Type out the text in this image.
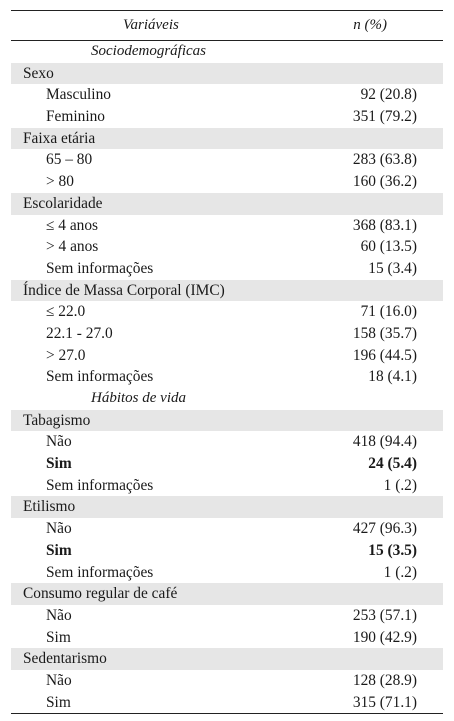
Variáveis	n (%)
Sociodemográficas
Sexo
Masculino	92 (20.8)
Feminino	351 (79.2)
Faixa etária
65 – 80	283 (63.8)
> 80	160 (36.2)
Escolaridade
≤ 4 anos	368 (83.1)
> 4 anos	60 (13.5)
Sem informações	15 (3.4)
Índice de Massa Corporal (IMC)
≤ 22.0	71 (16.0)
22.1 - 27.0	158 (35.7)
> 27.0	196 (44.5)
Sem informações	18 (4.1)
Hábitos de vida
Tabagismo
Não	418 (94.4)
Sim	24 (5.4)
Sem informações	1 (.2)
Etilismo
Não	427 (96.3)
Sim	15 (3.5)
Sem informações	1 (.2)
Consumo regular de café
Não	253 (57.1)
Sim	190 (42.9)
Sedentarismo
Não	128 (28.9)
Sim	315 (71.1)
